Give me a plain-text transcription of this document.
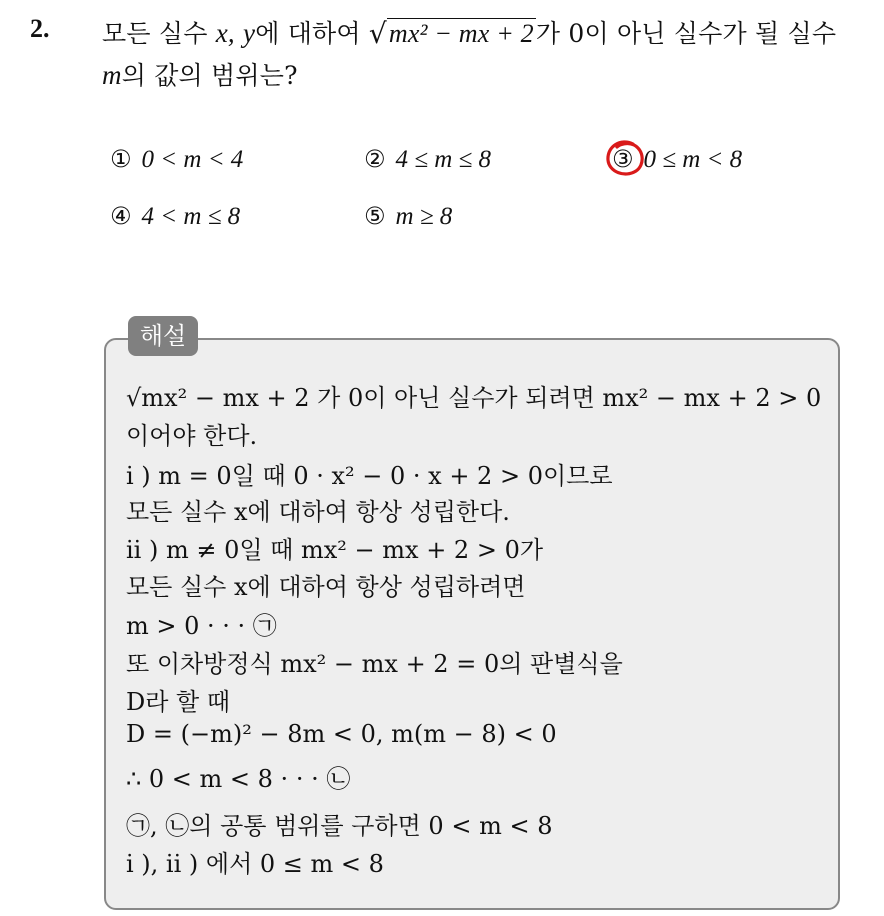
2. 모든 실수 x, y에 대하여 √ mx² − mx + 2가 0이 아닌 실수가 될 실수
m의 값의 범위는?
① 0 < m < 4	② 4 ≤ m ≤ 8	③ 0 ≤ m < 8
④ 4 < m ≤ 8	⑤ m ≥ 8
해설
√mx² − mx + 2 가 0이 아닌 실수가 되려면 mx² − mx + 2 > 0
이어야 한다.
i ) m = 0일 때 0 · x² − 0 · x + 2 > 0이므로
모든 실수 x에 대하여 항상 성립한다.
ii ) m ≠ 0일 때 mx² − mx + 2 > 0가
모든 실수 x에 대하여 항상 성립하려면
m > 0 · · · ㉠
또 이차방정식 mx² − mx + 2 = 0의 판별식을
D라 할 때
D = (−m)² − 8m < 0, m(m − 8) < 0
∴ 0 < m < 8 · · · ㉡
㉠, ㉡의 공통 범위를 구하면 0 < m < 8
i ), ii ) 에서 0 ≤ m < 8
